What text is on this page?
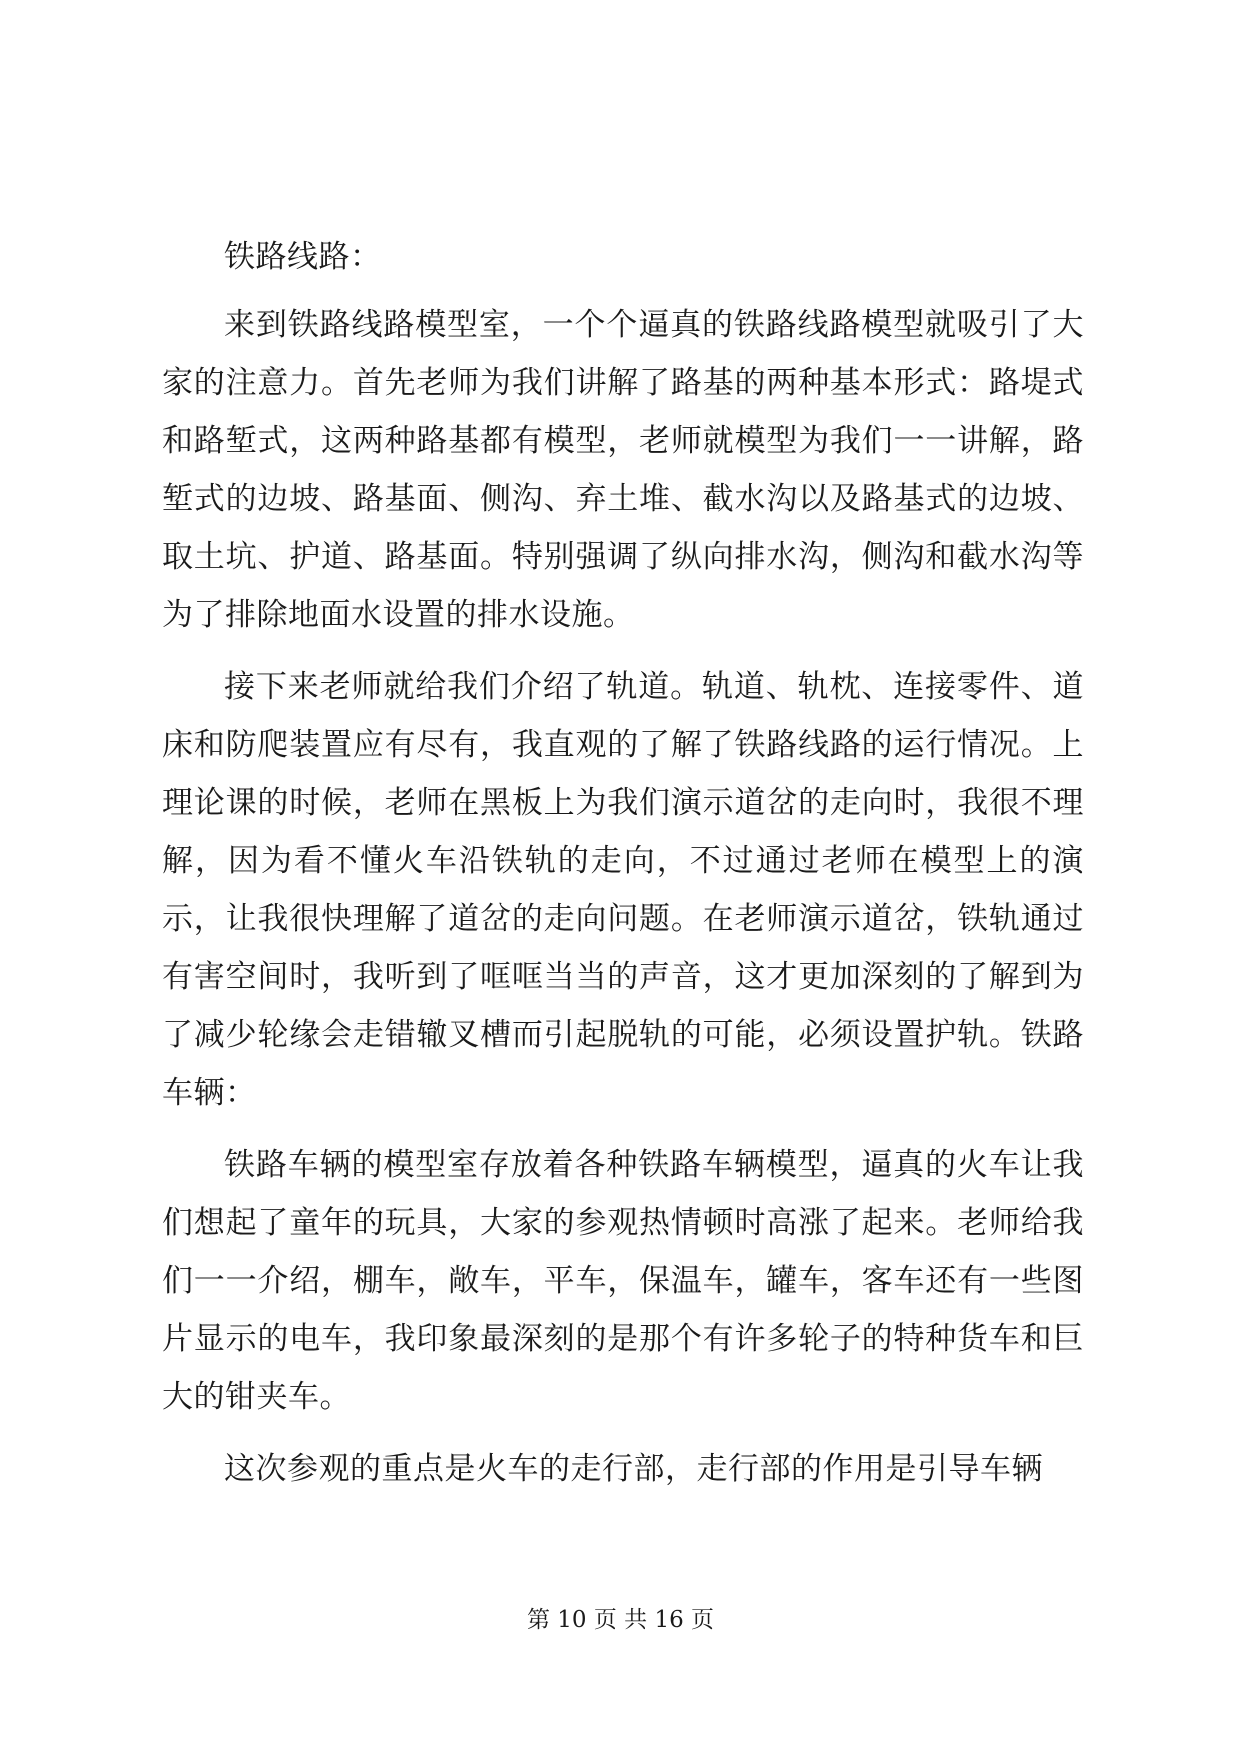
铁路线路：

来到铁路线路模型室，一个个逼真的铁路线路模型就吸引了大家的注意力。首先老师为我们讲解了路基的两种基本形式：路堤式和路堑式，这两种路基都有模型，老师就模型为我们一一讲解，路堑式的边坡、路基面、侧沟、弃土堆、截水沟以及路基式的边坡、取土坑、护道、路基面。特别强调了纵向排水沟，侧沟和截水沟等为了排除地面水设置的排水设施。

接下来老师就给我们介绍了轨道。轨道、轨枕、连接零件、道床和防爬装置应有尽有，我直观的了解了铁路线路的运行情况。上理论课的时候，老师在黑板上为我们演示道岔的走向时，我很不理解，因为看不懂火车沿铁轨的走向，不过通过老师在模型上的演示，让我很快理解了道岔的走向问题。在老师演示道岔，铁轨通过有害空间时，我听到了哐哐当当的声音，这才更加深刻的了解到为了减少轮缘会走错辙叉槽而引起脱轨的可能，必须设置护轨。铁路车辆：

铁路车辆的模型室存放着各种铁路车辆模型，逼真的火车让我们想起了童年的玩具，大家的参观热情顿时高涨了起来。老师给我们一一介绍，棚车，敞车，平车，保温车，罐车，客车还有一些图片显示的电车，我印象最深刻的是那个有许多轮子的特种货车和巨大的钳夹车。

这次参观的重点是火车的走行部，走行部的作用是引导车辆

第 10 页 共 16 页
